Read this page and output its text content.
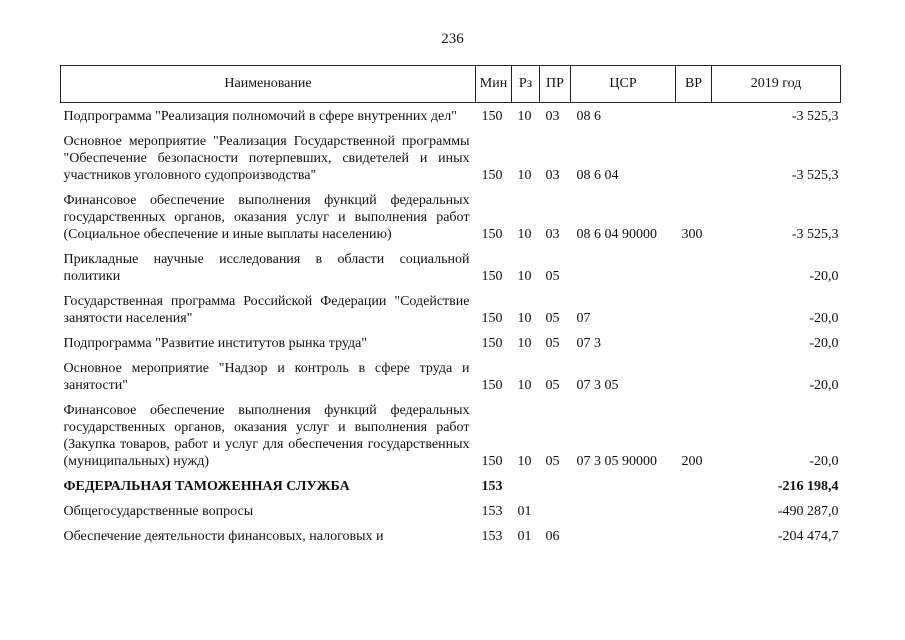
236
Наименование	Мин	Рз	ПР	ЦСР	ВР	2019 год
Подпрограмма "Реализация полномочий в сфере внутренних дел"	150	10	03	08 6		-3 525,3
Основное мероприятие "Реализация Государственной программы "Обеспечение безопасности потерпевших, свидетелей и иных участников уголовного судопроизводства"	150	10	03	08 6 04		-3 525,3
Финансовое обеспечение выполнения функций федеральных государственных органов, оказания услуг и выполнения работ (Социальное обеспечение и иные выплаты населению)	150	10	03	08 6 04 90000	300	-3 525,3
Прикладные научные исследования в области социальной политики	150	10	05			-20,0
Государственная программа Российской Федерации "Содействие занятости населения"	150	10	05	07		-20,0
Подпрограмма "Развитие институтов рынка труда"	150	10	05	07 3		-20,0
Основное мероприятие "Надзор и контроль в сфере труда и занятости"	150	10	05	07 3 05		-20,0
Финансовое обеспечение выполнения функций федеральных государственных органов, оказания услуг и выполнения работ (Закупка товаров, работ и услуг для обеспечения государственных (муниципальных) нужд)	150	10	05	07 3 05 90000	200	-20,0
ФЕДЕРАЛЬНАЯ ТАМОЖЕННАЯ СЛУЖБА	153					-216 198,4
Общегосударственные вопросы	153	01				-490 287,0
Обеспечение деятельности финансовых, налоговых и	153	01	06			-204 474,7
